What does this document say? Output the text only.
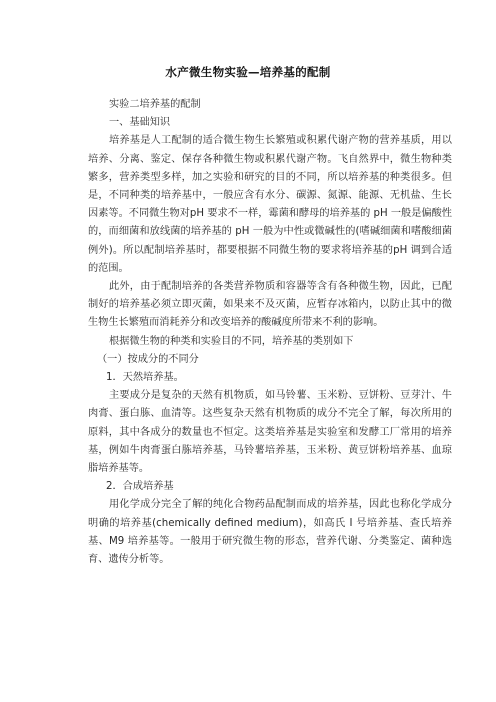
水产微生物实验—培养基的配制

实验二培养基的配制

一、基础知识

培养基是人工配制的适合微生物生长繁殖或积累代谢产物的营养基质，用以培养、分离、鉴定、保存各种微生物或积累代谢产物。飞自然界中，微生物种类繁多，营养类型多样，加之实验和研究的目的不同，所以培养基的种类很多。但是，不同种类的培养基中，一般应含有水分、碳源、氮源、能源、无机盐、生长因素等。不同微生物对pH 要求不一样，霉菌和酵母的培养基的 pH 一般是偏酸性的，而细菌和放线菌的培养基的 pH 一般为中性或微碱性的(嗜碱细菌和嗜酸细菌例外)。所以配制培养基时，都要根据不同微生物的要求将培养基的pH 调到合适的范围。

此外，由于配制培养的各类营养物质和容器等含有各种微生物，因此，已配制好的培养基必须立即灭菌，如果来不及灭菌，应暂存冰箱内，以防止其中的微生物生长繁殖而消耗养分和改变培养的酸碱度所带来不利的影响。

根据微生物的种类和实验目的不同，培养基的类别如下

（一）按成分的不同分

1．天然培养基。

主要成分是复杂的天然有机物质，如马铃薯、玉米粉、豆饼粉、豆芽汁、牛肉膏、蛋白胨、血清等。这些复杂天然有机物质的成分不完全了解，每次所用的原料，其中各成分的数量也不恒定。这类培养基是实验室和发酵工厂常用的培养基，例如牛肉膏蛋白胨培养基，马铃薯培养基，玉米粉、黄豆饼粉培养基、血琼脂培养基等。

2．合成培养基

用化学成分完全了解的纯化合物药品配制而成的培养基，因此也称化学成分明确的培养基(chemically defined medium)，如高氏 I 号培养基、查氏培养基、M9 培养基等。一般用于研究微生物的形态，营养代谢、分类鉴定、菌种选育、遗传分析等。
